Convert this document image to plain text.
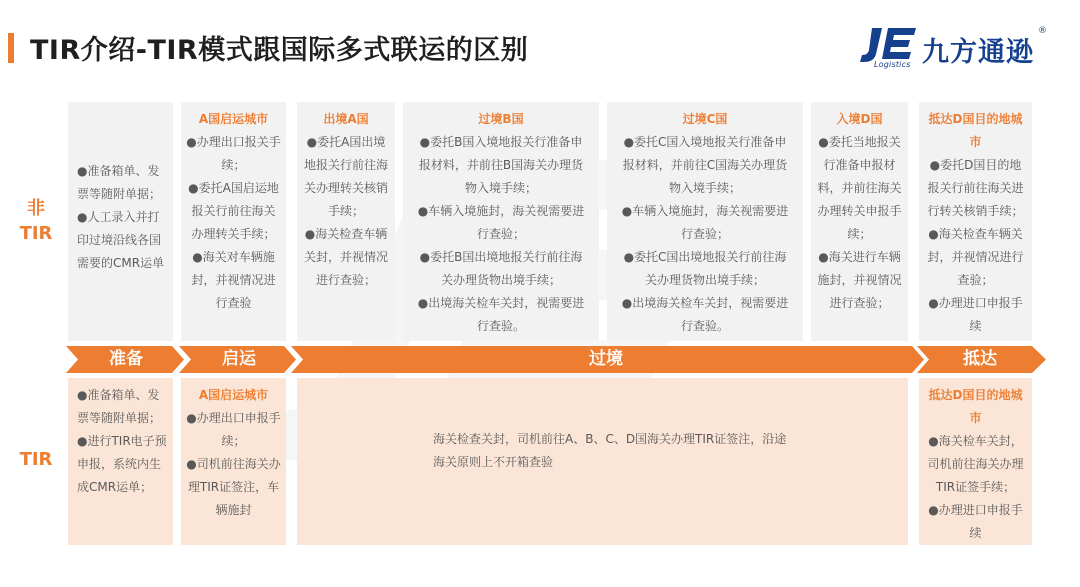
TIR介绍-TIR模式跟国际多式联运的区别	九方通逊
®
Logistics
非
TIR
TIR
●准备箱单、发票等随附单据；
●人工录入并打印过境沿线各国需要的CMR运单
A国启运城市
●办理出口报关手续；
●委托A国启运地报关行前往海关办理转关手续；
●海关对车辆施封，并视情况进行查验
出境A国
●委托A国出境地报关行前往海关办理转关核销手续；
●海关检查车辆关封，并视情况进行查验；
过境B国
●委托B国入境地报关行准备申报材料，并前往B国海关办理货物入境手续；
●车辆入境施封，海关视需要进行查验；
●委托B国出境地报关行前往海关办理货物出境手续；
●出境海关检车关封，视需要进行查验。
过境C国
●委托C国入境地报关行准备申报材料，并前往C国海关办理货物入境手续；
●车辆入境施封，海关视需要进行查验；
●委托C国出境地报关行前往海关办理货物出境手续；
●出境海关检车关封，视需要进行查验。
入境D国
●委托当地报关行准备申报材料，并前往海关办理转关申报手续；
●海关进行车辆施封，并视情况进行查验；
抵达D国目的地城市
●委托D国目的地报关行前往海关进行转关核销手续；
●海关检查车辆关封，并视情况进行查验；
●办理进口申报手续
准备	启运	过境	抵达
●准备箱单、发票等随附单据；
●进行TIR电子预申报，系统内生成CMR运单；
A国启运城市
●办理出口申报手续；
●司机前往海关办理TIR证签注，车辆施封
海关检查关封，司机前往A、B、C、D国海关办理TIR证签注，沿途海关原则上不开箱查验
抵达D国目的地城市
●海关检车关封，司机前往海关办理TIR证签手续；
●办理进口申报手续
